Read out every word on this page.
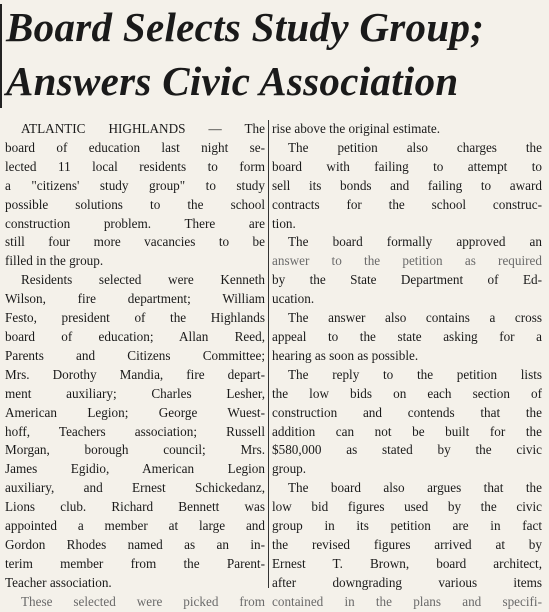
Board Selects Study Group;
Answers Civic Association
ATLANTIC HIGHLANDS — The
board of education last night se-
lected 11 local residents to form
a "citizens' study group" to study
possible solutions to the school
construction problem. There are
still four more vacancies to be
filled in the group.
Residents selected were Kenneth
Wilson, fire department; William
Festo, president of the Highlands
board of education; Allan Reed,
Parents and Citizens Committee;
Mrs. Dorothy Mandia, fire depart-
ment auxiliary; Charles Lesher,
American Legion; George Wuest-
hoff, Teachers association; Russell
Morgan, borough council; Mrs.
James Egidio, American Legion
auxiliary, and Ernest Schickedanz,
Lions club. Richard Bennett was
appointed a member at large and
Gordon Rhodes named as an in-
terim member from the Parent-
Teacher association.
These selected were picked from
rise above the original estimate.
The petition also charges the
board with failing to attempt to
sell its bonds and failing to award
contracts for the school construc-
tion.
The board formally approved an
answer to the petition as required
by the State Department of Ed-
ucation.
The answer also contains a cross
appeal to the state asking for a
hearing as soon as possible.
The reply to the petition lists
the low bids on each section of
construction and contends that the
addition can not be built for the
$580,000 as stated by the civic
group.
The board also argues that the
low bid figures used by the civic
group in its petition are in fact
the revised figures arrived at by
Ernest T. Brown, board architect,
after downgrading various items
contained in the plans and specifi-
